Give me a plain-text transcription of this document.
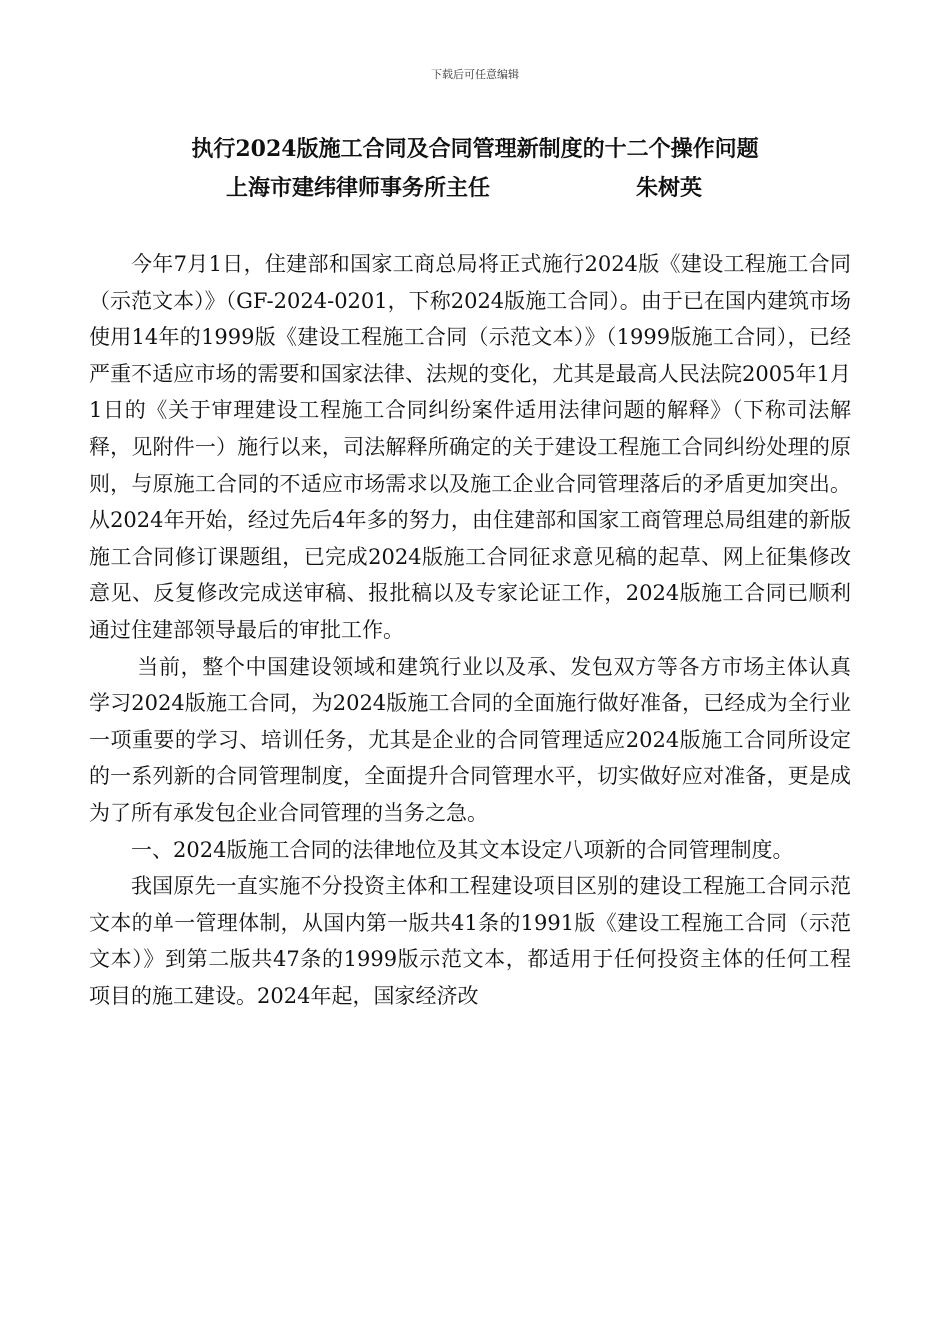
下载后可任意编辑
执行2024版施工合同及合同管理新制度的十二个操作问题
上海市建纬律师事务所主任	朱树英

今年7月1日，住建部和国家工商总局将正式施行2024版《建设工程施工合同（示范文本）》（GF-2024-0201，下称2024版施工合同）。由于已在国内建筑市场使用14年的1999版《建设工程施工合同（示范文本）》（1999版施工合同），已经严重不适应市场的需要和国家法律、法规的变化，尤其是最高人民法院2005年1月1日的《关于审理建设工程施工合同纠纷案件适用法律问题的解释》（下称司法解释，见附件一）施行以来，司法解释所确定的关于建设工程施工合同纠纷处理的原则，与原施工合同的不适应市场需求以及施工企业合同管理落后的矛盾更加突出。从2024年开始，经过先后4年多的努力，由住建部和国家工商管理总局组建的新版施工合同修订课题组，已完成2024版施工合同征求意见稿的起草、网上征集修改意见、反复修改完成送审稿、报批稿以及专家论证工作，2024版施工合同已顺利通过住建部领导最后的审批工作。

当前，整个中国建设领域和建筑行业以及承、发包双方等各方市场主体认真学习2024版施工合同，为2024版施工合同的全面施行做好准备，已经成为全行业一项重要的学习、培训任务，尤其是企业的合同管理适应2024版施工合同所设定的一系列新的合同管理制度，全面提升合同管理水平，切实做好应对准备，更是成为了所有承发包企业合同管理的当务之急。

一、2024版施工合同的法律地位及其文本设定八项新的合同管理制度。

我国原先一直实施不分投资主体和工程建设项目区别的建设工程施工合同示范文本的单一管理体制，从国内第一版共41条的1991版《建设工程施工合同（示范文本）》到第二版共47条的1999版示范文本，都适用于任何投资主体的任何工程项目的施工建设。2024年起，国家经济改
